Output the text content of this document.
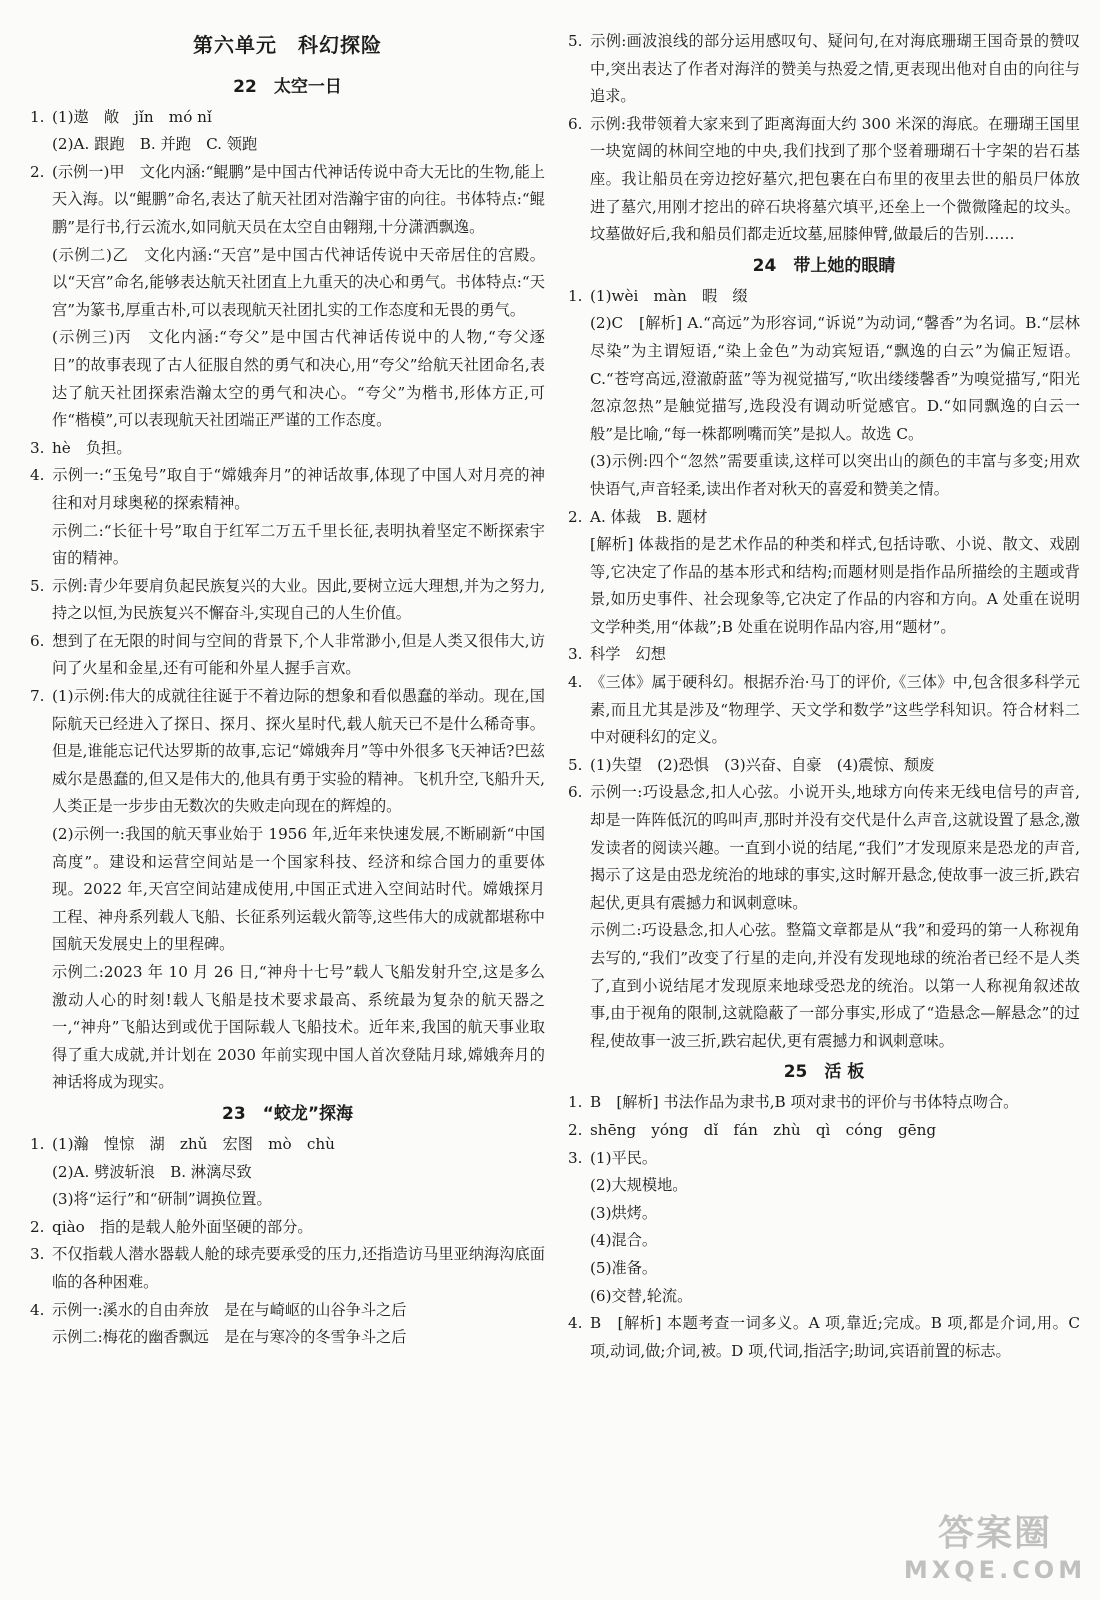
第六单元　科幻探险
22　太空一日
1. (1)遨　敞　jǐn　mó nǐ
(2)A. 跟跑　B. 并跑　C. 领跑
2. (示例一)甲　文化内涵:“鲲鹏”是中国古代神话传说中奇大无比的生物,能上天入海。以“鲲鹏”命名,表达了航天社团对浩瀚宇宙的向往。书体特点:“鲲鹏”是行书,行云流水,如同航天员在太空自由翱翔,十分潇洒飘逸。
(示例二)乙　文化内涵:“天宫”是中国古代神话传说中天帝居住的宫殿。以“天宫”命名,能够表达航天社团直上九重天的决心和勇气。书体特点:“天宫”为篆书,厚重古朴,可以表现航天社团扎实的工作态度和无畏的勇气。
(示例三)丙　文化内涵:“夸父”是中国古代神话传说中的人物,“夸父逐日”的故事表现了古人征服自然的勇气和决心,用“夸父”给航天社团命名,表达了航天社团探索浩瀚太空的勇气和决心。“夸父”为楷书,形体方正,可作“楷模”,可以表现航天社团端正严谨的工作态度。
3. hè　负担。
4. 示例一:“玉兔号”取自于“嫦娥奔月”的神话故事,体现了中国人对月亮的神往和对月球奥秘的探索精神。
示例二:“长征十号”取自于红军二万五千里长征,表明执着坚定不断探索宇宙的精神。
5. 示例:青少年要肩负起民族复兴的大业。因此,要树立远大理想,并为之努力,持之以恒,为民族复兴不懈奋斗,实现自己的人生价值。
6. 想到了在无限的时间与空间的背景下,个人非常渺小,但是人类又很伟大,访问了火星和金星,还有可能和外星人握手言欢。
7. (1)示例:伟大的成就往往诞于不着边际的想象和看似愚蠢的举动。现在,国际航天已经进入了探日、探月、探火星时代,载人航天已不是什么稀奇事。但是,谁能忘记代达罗斯的故事,忘记“嫦娥奔月”等中外很多飞天神话?巴兹威尔是愚蠢的,但又是伟大的,他具有勇于实验的精神。飞机升空,飞船升天,人类正是一步步由无数次的失败走向现在的辉煌的。
(2)示例一:我国的航天事业始于 1956 年,近年来快速发展,不断刷新“中国高度”。建设和运营空间站是一个国家科技、经济和综合国力的重要体现。2022 年,天宫空间站建成使用,中国正式进入空间站时代。嫦娥探月工程、神舟系列载人飞船、长征系列运载火箭等,这些伟大的成就都堪称中国航天发展史上的里程碑。
示例二:2023 年 10 月 26 日,“神舟十七号”载人飞船发射升空,这是多么激动人心的时刻!载人飞船是技术要求最高、系统最为复杂的航天器之一,“神舟”飞船达到或优于国际载人飞船技术。近年来,我国的航天事业取得了重大成就,并计划在 2030 年前实现中国人首次登陆月球,嫦娥奔月的神话将成为现实。
23　“蛟龙”探海
1. (1)瀚　惶惊　湖　zhǔ　宏图　mò　chù
(2)A. 劈波斩浪　B. 淋漓尽致
(3)将“运行”和“研制”调换位置。
2. qiào　指的是载人舱外面坚硬的部分。
3. 不仅指载人潜水器载人舱的球壳要承受的压力,还指造访马里亚纳海沟底面临的各种困难。
4. 示例一:溪水的自由奔放　是在与崎岖的山谷争斗之后
示例二:梅花的幽香飘远　是在与寒冷的冬雪争斗之后
5. 示例:画波浪线的部分运用感叹句、疑问句,在对海底珊瑚王国奇景的赞叹中,突出表达了作者对海洋的赞美与热爱之情,更表现出他对自由的向往与追求。
6. 示例:我带领着大家来到了距离海面大约 300 米深的海底。在珊瑚王国里一块宽阔的林间空地的中央,我们找到了那个竖着珊瑚石十字架的岩石基座。我让船员在旁边挖好墓穴,把包裹在白布里的夜里去世的船员尸体放进了墓穴,用刚才挖出的碎石块将墓穴填平,还垒上一个微微隆起的坟头。坟墓做好后,我和船员们都走近坟墓,屈膝伸臂,做最后的告别……
24　带上她的眼睛
1. (1)wèi　màn　暇　缀
(2)C　[解析] A.“高远”为形容词,“诉说”为动词,“馨香”为名词。B.“层林尽染”为主谓短语,“染上金色”为动宾短语,“飘逸的白云”为偏正短语。C.“苍穹高远,澄澈蔚蓝”等为视觉描写,“吹出缕缕馨香”为嗅觉描写,“阳光忽凉忽热”是触觉描写,选段没有调动听觉感官。D.“如同飘逸的白云一般”是比喻,“每一株都咧嘴而笑”是拟人。故选 C。
(3)示例:四个“忽然”需要重读,这样可以突出山的颜色的丰富与多变;用欢快语气,声音轻柔,读出作者对秋天的喜爱和赞美之情。
2. A. 体裁　B. 题材
[解析] 体裁指的是艺术作品的种类和样式,包括诗歌、小说、散文、戏剧等,它决定了作品的基本形式和结构;而题材则是指作品所描绘的主题或背景,如历史事件、社会现象等,它决定了作品的内容和方向。A 处重在说明文学种类,用“体裁”;B 处重在说明作品内容,用“题材”。
3. 科学　幻想
4. 《三体》属于硬科幻。根据乔治·马丁的评价,《三体》中,包含很多科学元素,而且尤其是涉及“物理学、天文学和数学”这些学科知识。符合材料二中对硬科幻的定义。
5. (1)失望　(2)恐惧　(3)兴奋、自豪　(4)震惊、颓废
6. 示例一:巧设悬念,扣人心弦。小说开头,地球方向传来无线电信号的声音,却是一阵阵低沉的呜叫声,那时并没有交代是什么声音,这就设置了悬念,激发读者的阅读兴趣。一直到小说的结尾,“我们”才发现原来是恐龙的声音,揭示了这是由恐龙统治的地球的事实,这时解开悬念,使故事一波三折,跌宕起伏,更具有震撼力和讽刺意味。
示例二:巧设悬念,扣人心弦。整篇文章都是从“我”和爱玛的第一人称视角去写的,“我们”改变了行星的走向,并没有发现地球的统治者已经不是人类了,直到小说结尾才发现原来地球受恐龙的统治。以第一人称视角叙述故事,由于视角的限制,这就隐蔽了一部分事实,形成了“造悬念—解悬念”的过程,使故事一波三折,跌宕起伏,更有震撼力和讽刺意味。
25　活 板
1. B　[解析] 书法作品为隶书,B 项对隶书的评价与书体特点吻合。
2. shēng　yóng　dǐ　fán　zhù　qì　cóng　gēng
3. (1)平民。
(2)大规模地。
(3)烘烤。
(4)混合。
(5)准备。
(6)交替,轮流。
4. B　[解析] 本题考查一词多义。A 项,靠近;完成。B 项,都是介词,用。C 项,动词,做;介词,被。D 项,代词,指活字;助词,宾语前置的标志。
答案圈
MXQE.COM
